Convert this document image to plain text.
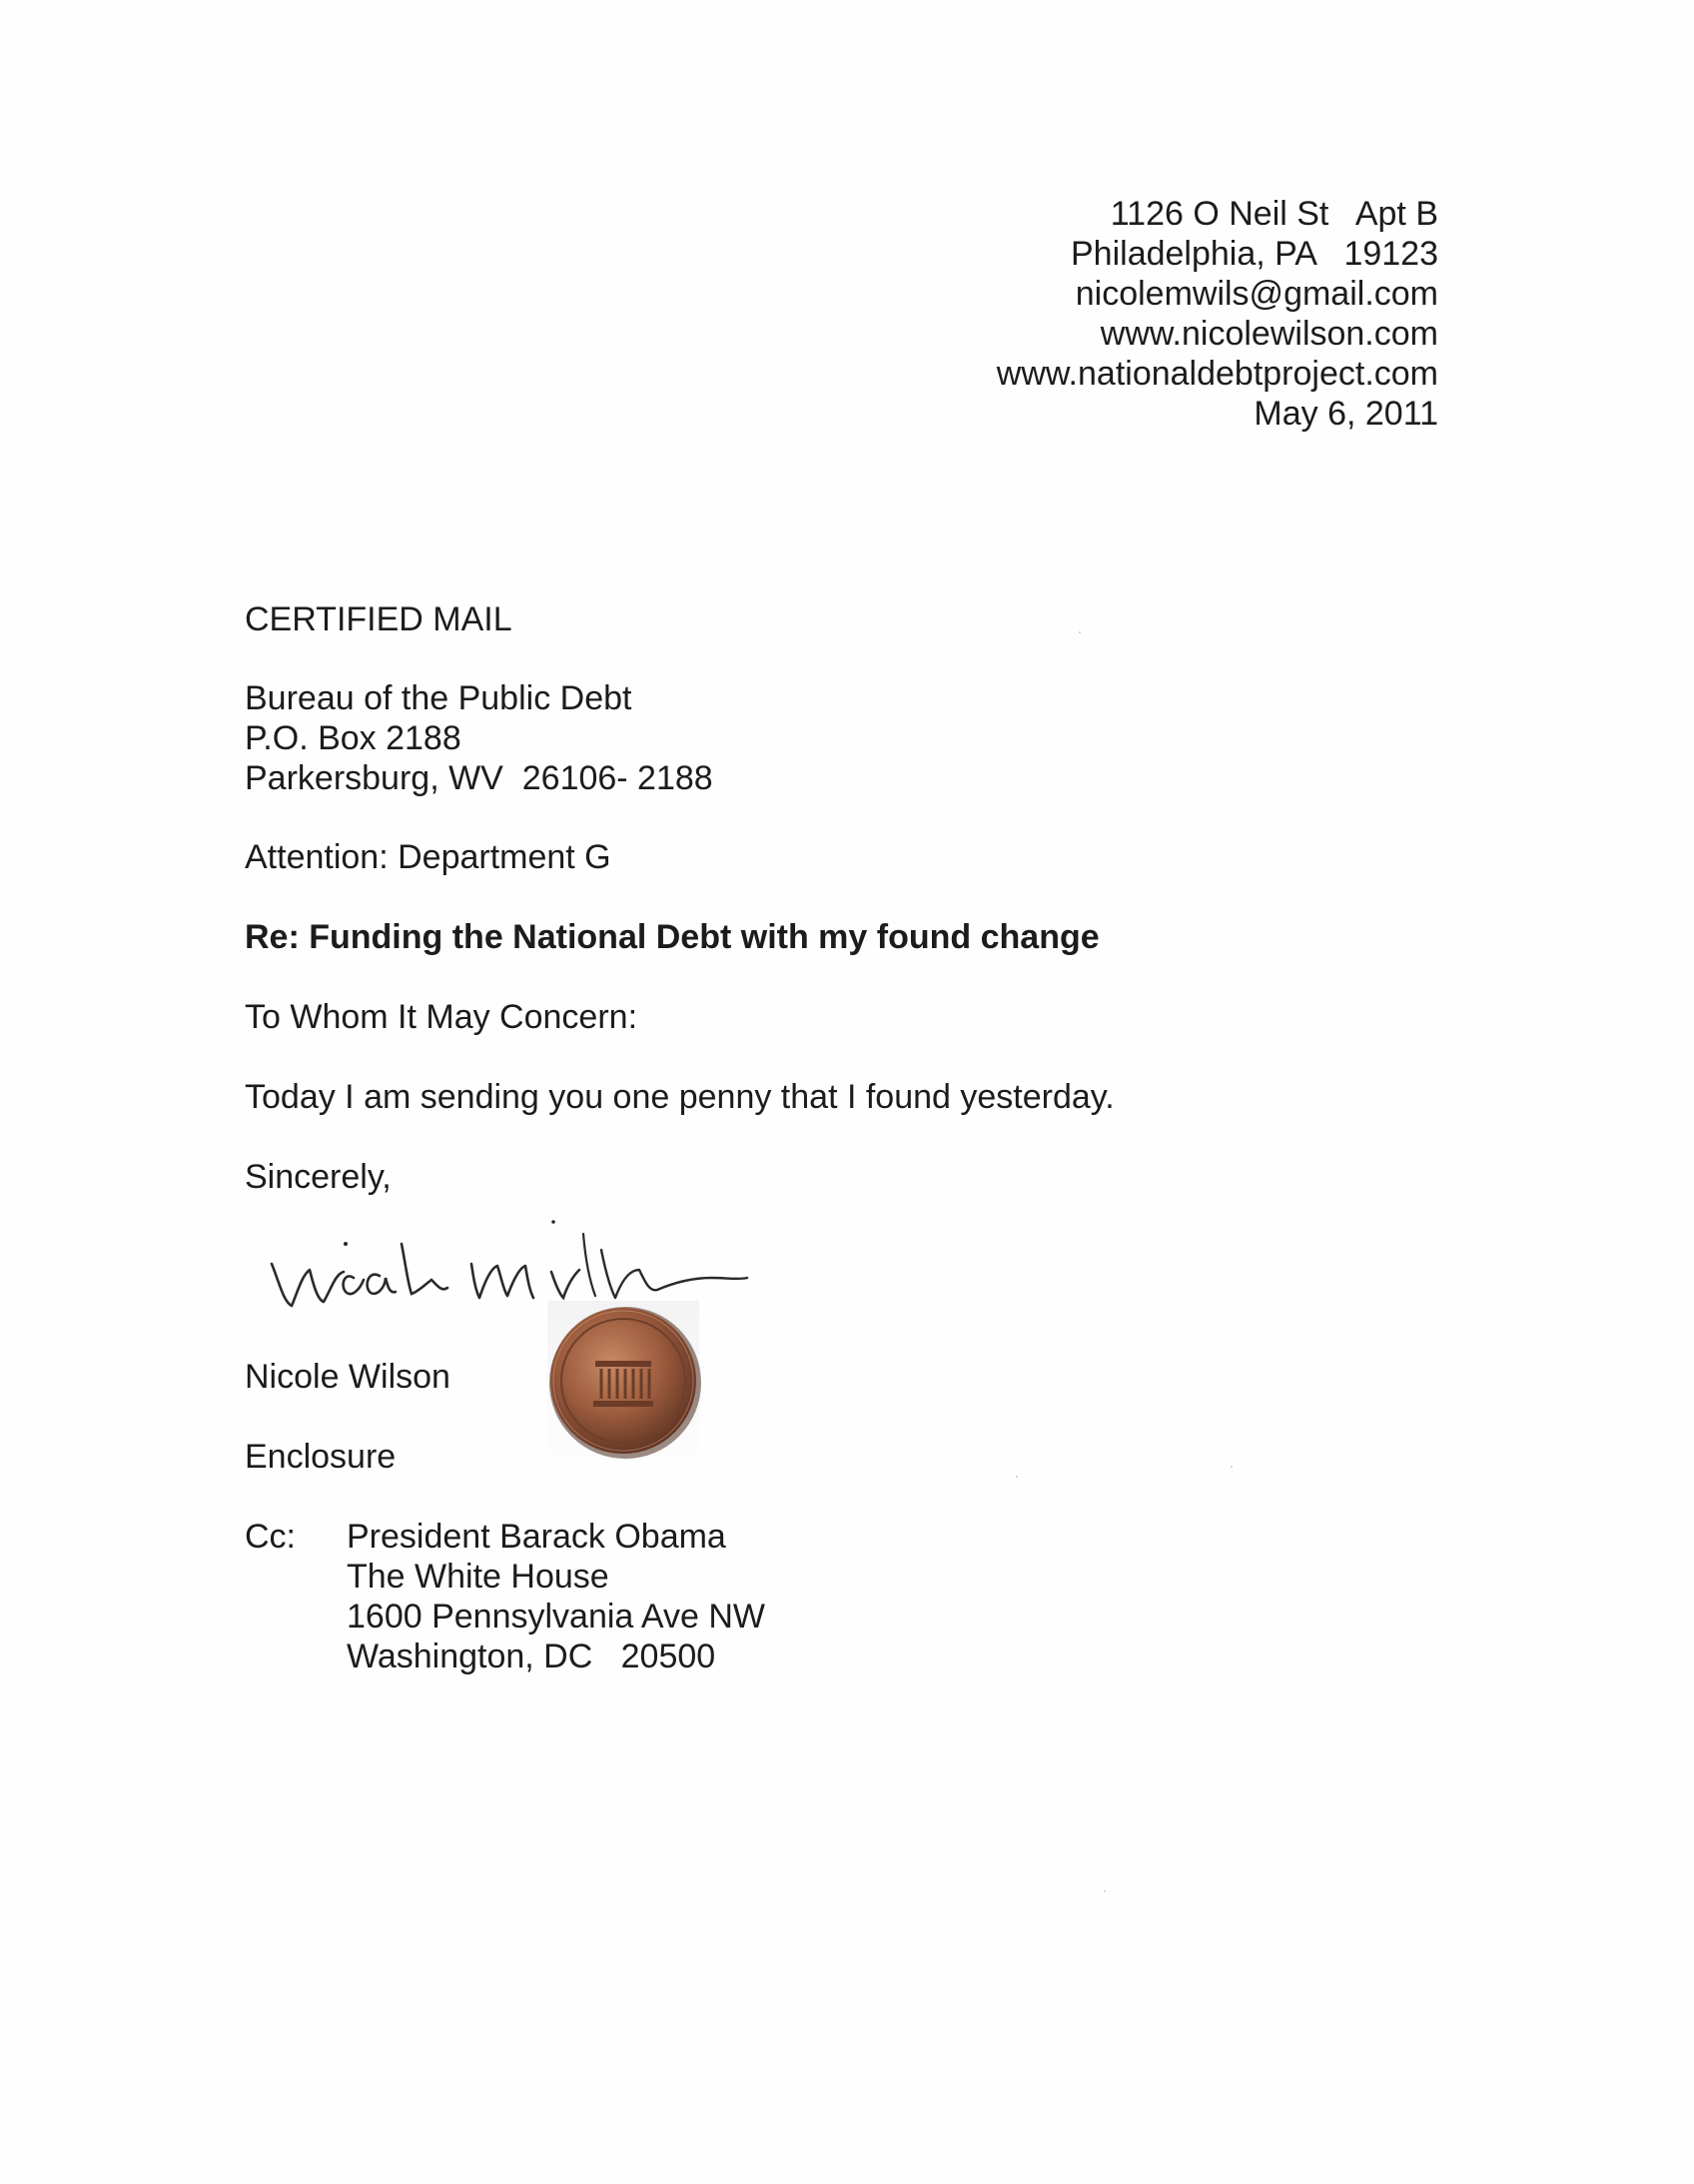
1126 O Neil St   Apt B
Philadelphia, PA   19123
nicolemwils@gmail.com
www.nicolewilson.com
www.nationaldebtproject.com
May 6, 2011
CERTIFIED MAIL
Bureau of the Public Debt
P.O. Box 2188
Parkersburg, WV  26106- 2188
Attention: Department G
Re: Funding the National Debt with my found change
To Whom It May Concern:
Today I am sending you one penny that I found yesterday.
Sincerely,
Nicole Wilson
Enclosure
Cc: President Barack Obama
The White House
1600 Pennsylvania Ave NW
Washington, DC   20500
